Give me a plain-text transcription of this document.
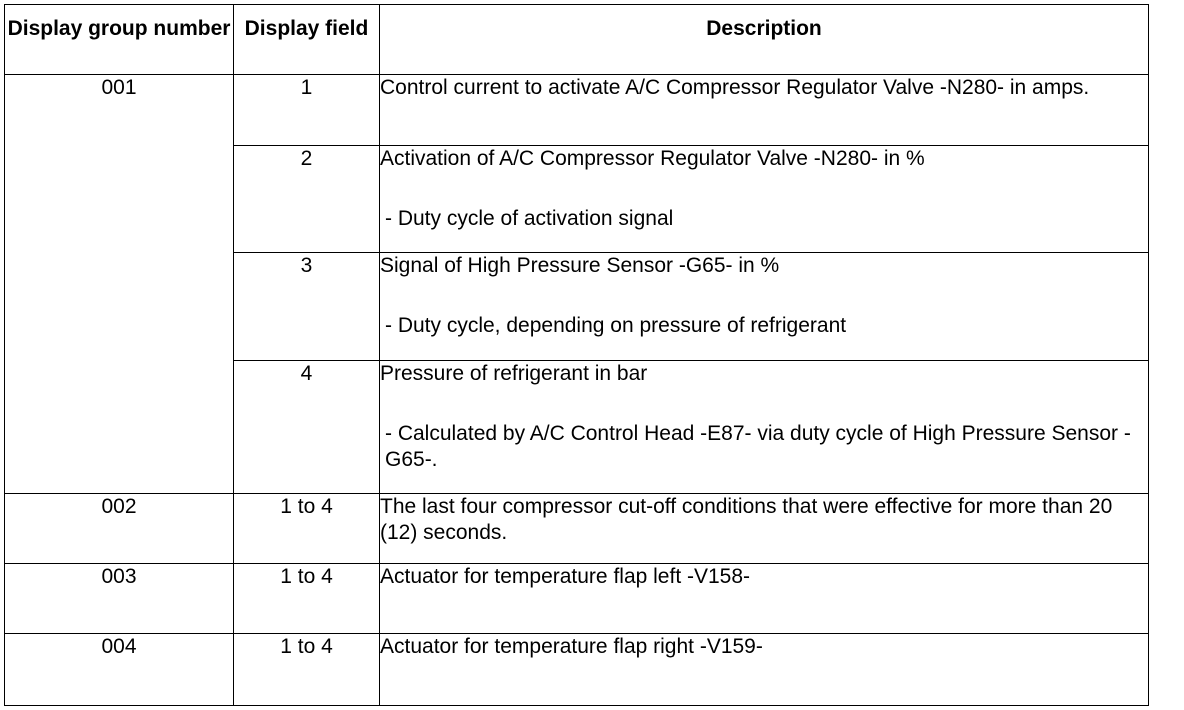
Display group number	Display field	Description
001	1	Control current to activate A/C Compressor Regulator Valve -N280- in amps.

	2	Activation of A/C Compressor Regulator Valve -N280- in %
- Duty cycle of activation signal

	3	Signal of High Pressure Sensor -G65- in %
- Duty cycle, depending on pressure of refrigerant

	4	Pressure of refrigerant in bar
- Calculated by A/C Control Head -E87- via duty cycle of High Pressure Sensor -G65-.

002	1 to 4	The last four compressor cut-off conditions that were effective for more than 20 (12) seconds.

003	1 to 4	Actuator for temperature flap left -V158-

004	1 to 4	Actuator for temperature flap right -V159-
